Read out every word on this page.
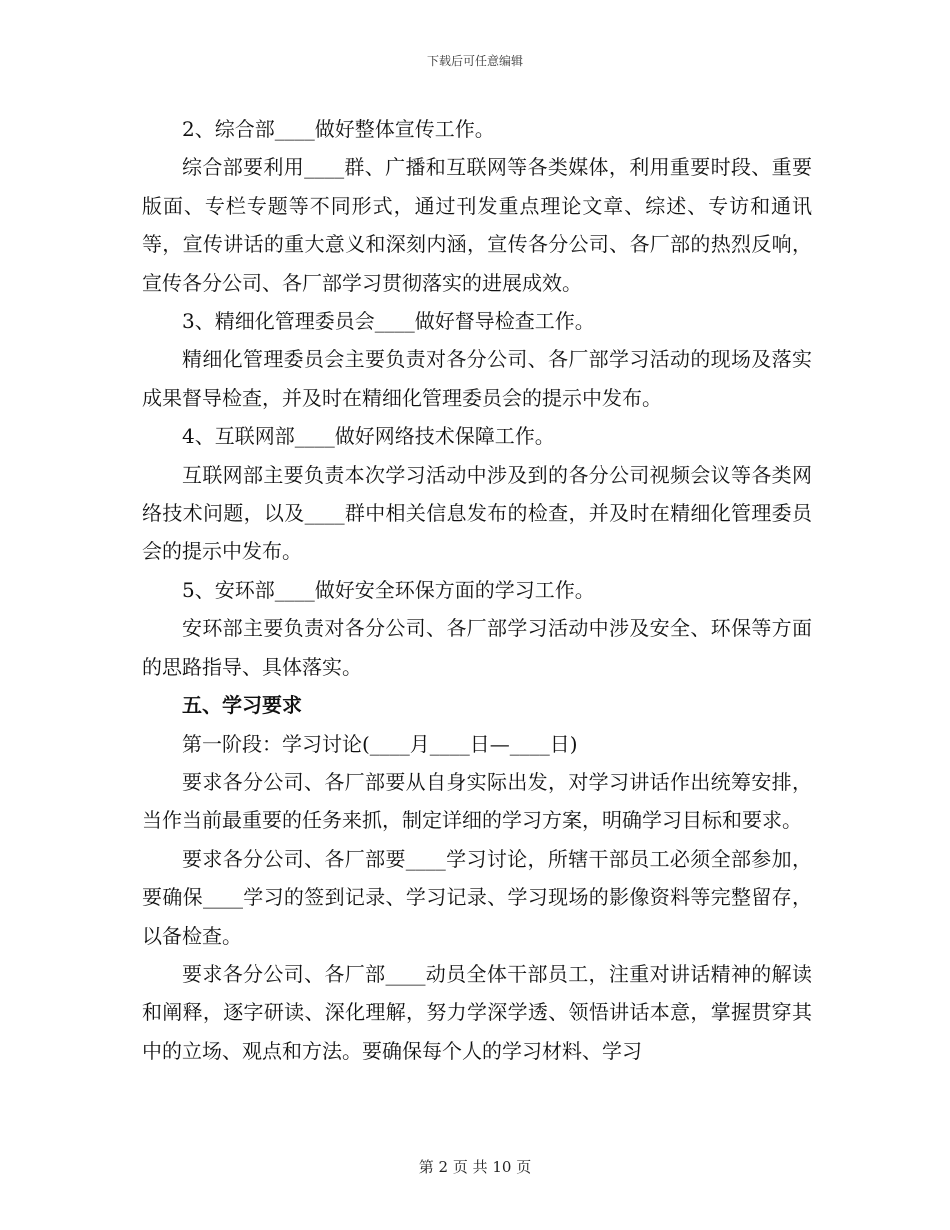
下载后可任意编辑

2、综合部____做好整体宣传工作。

综合部要利用____群、广播和互联网等各类媒体，利用重要时段、重要版面、专栏专题等不同形式，通过刊发重点理论文章、综述、专访和通讯等，宣传讲话的重大意义和深刻内涵，宣传各分公司、各厂部的热烈反响，宣传各分公司、各厂部学习贯彻落实的进展成效。

3、精细化管理委员会____做好督导检查工作。

精细化管理委员会主要负责对各分公司、各厂部学习活动的现场及落实成果督导检查，并及时在精细化管理委员会的提示中发布。

4、互联网部____做好网络技术保障工作。

互联网部主要负责本次学习活动中涉及到的各分公司视频会议等各类网络技术问题，以及____群中相关信息发布的检查，并及时在精细化管理委员会的提示中发布。

5、安环部____做好安全环保方面的学习工作。

安环部主要负责对各分公司、各厂部学习活动中涉及安全、环保等方面的思路指导、具体落实。

五、学习要求

第一阶段：学习讨论(____月____日—____日)

要求各分公司、各厂部要从自身实际出发，对学习讲话作出统筹安排，当作当前最重要的任务来抓，制定详细的学习方案，明确学习目标和要求。

要求各分公司、各厂部要____学习讨论，所辖干部员工必须全部参加，要确保____学习的签到记录、学习记录、学习现场的影像资料等完整留存，以备检查。

要求各分公司、各厂部____动员全体干部员工，注重对讲话精神的解读和阐释，逐字研读、深化理解，努力学深学透、领悟讲话本意，掌握贯穿其中的立场、观点和方法。要确保每个人的学习材料、学习

第 2 页 共 10 页
